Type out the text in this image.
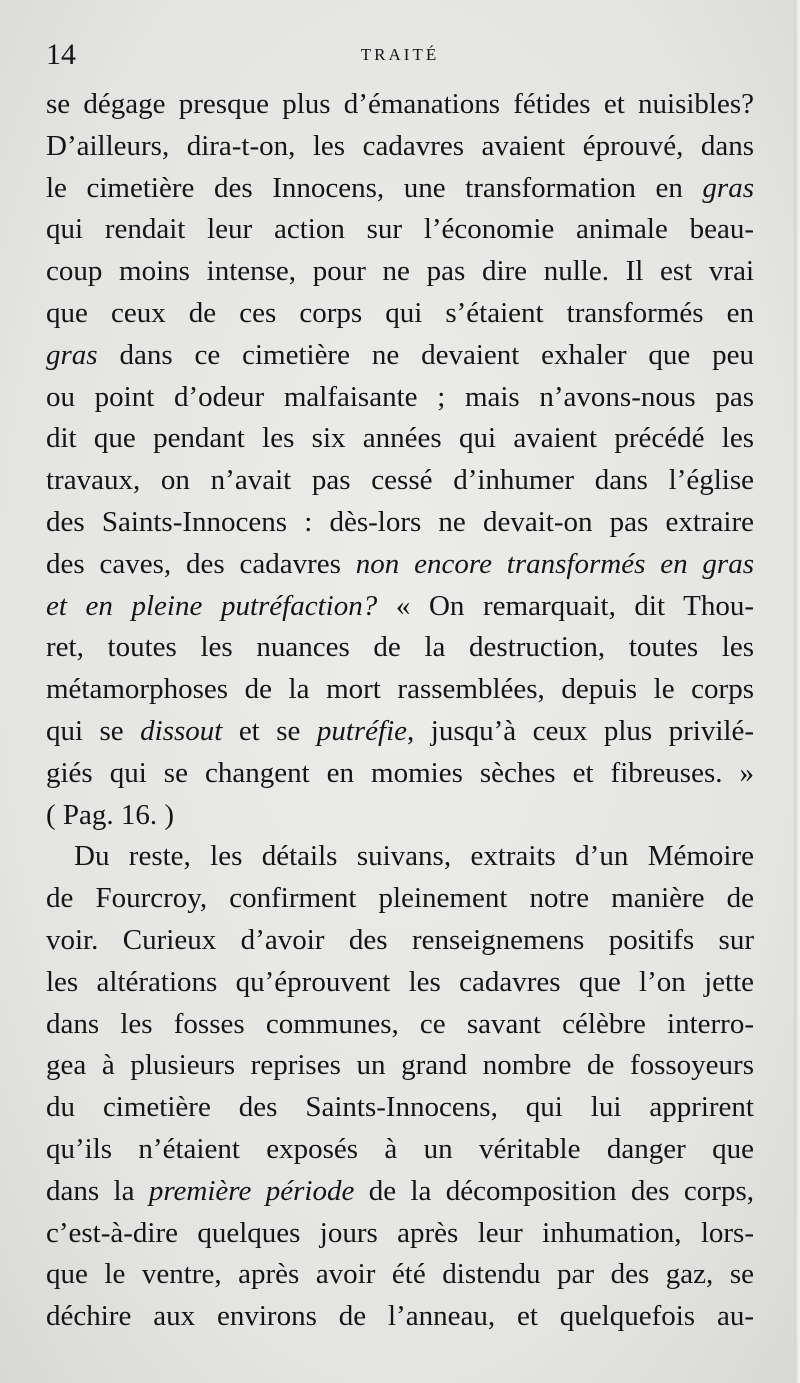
14	TRAITÉ
se dégage presque plus d’émanations fétides et nuisibles?
D’ailleurs, dira-t-on, les cadavres avaient éprouvé, dans
le cimetière des Innocens, une transformation en gras
qui rendait leur action sur l’économie animale beau-
coup moins intense, pour ne pas dire nulle. Il est vrai
que ceux de ces corps qui s’étaient transformés en
gras dans ce cimetière ne devaient exhaler que peu
ou point d’odeur malfaisante ; mais n’avons-nous pas
dit que pendant les six années qui avaient précédé les
travaux, on n’avait pas cessé d’inhumer dans l’église
des Saints-Innocens : dès-lors ne devait-on pas extraire
des caves, des cadavres non encore transformés en gras
et en pleine putréfaction? « On remarquait, dit Thou-
ret, toutes les nuances de la destruction, toutes les
métamorphoses de la mort rassemblées, depuis le corps
qui se dissout et se putréfie, jusqu’à ceux plus privilé-
giés qui se changent en momies sèches et fibreuses. »
( Pag. 16. )
Du reste, les détails suivans, extraits d’un Mémoire
de Fourcroy, confirment pleinement notre manière de
voir. Curieux d’avoir des renseignemens positifs sur
les altérations qu’éprouvent les cadavres que l’on jette
dans les fosses communes, ce savant célèbre interro-
gea à plusieurs reprises un grand nombre de fossoyeurs
du cimetière des Saints-Innocens, qui lui apprirent
qu’ils n’étaient exposés à un véritable danger que
dans la première période de la décomposition des corps,
c’est-à-dire quelques jours après leur inhumation, lors-
que le ventre, après avoir été distendu par des gaz, se
déchire aux environs de l’anneau, et quelquefois au-
